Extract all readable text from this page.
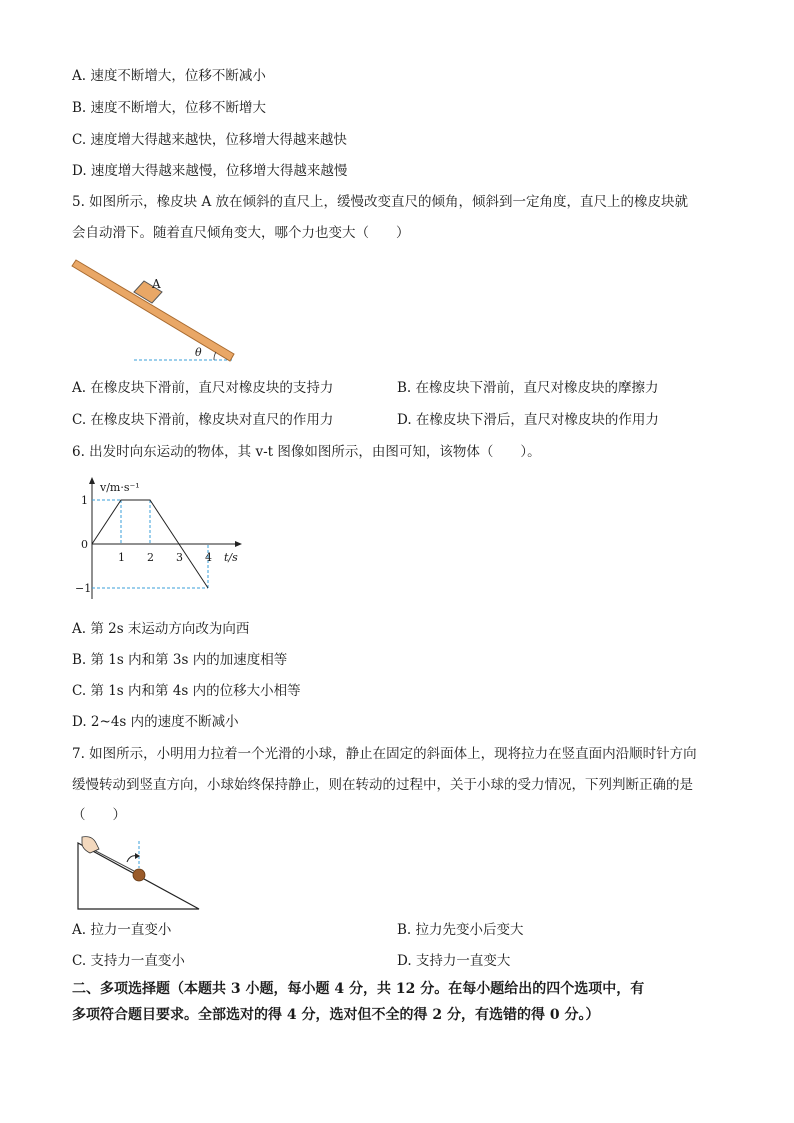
A. 速度不断增大，位移不断减小
B. 速度不断增大，位移不断增大
C. 速度增大得越来越快，位移增大得越来越快
D. 速度增大得越来越慢，位移增大得越来越慢
5. 如图所示，橡皮块 A 放在倾斜的直尺上，缓慢改变直尺的倾角，倾斜到一定角度，直尺上的橡皮块就
会自动滑下。随着直尺倾角变大，哪个力也变大（　　）
A
θ
A. 在橡皮块下滑前，直尺对橡皮块的支持力	B. 在橡皮块下滑前，直尺对橡皮块的摩擦力
C. 在橡皮块下滑前，橡皮块对直尺的作用力	D. 在橡皮块下滑后，直尺对橡皮块的作用力
6. 出发时向东运动的物体，其 v-t 图像如图所示，由图可知，该物体（　　）。
v/m·s⁻¹
t/s
1 2 3 4
1
0
−1
A. 第 2s 末运动方向改为向西
B. 第 1s 内和第 3s 内的加速度相等
C. 第 1s 内和第 4s 内的位移大小相等
D. 2~4s 内的速度不断减小
7. 如图所示，小明用力拉着一个光滑的小球，静止在固定的斜面体上，现将拉力在竖直面内沿顺时针方向
缓慢转动到竖直方向，小球始终保持静止，则在转动的过程中，关于小球的受力情况，下列判断正确的是
（　　）
A. 拉力一直变小	B. 拉力先变小后变大
C. 支持力一直变小	D. 支持力一直变大
二、多项选择题（本题共 3 小题，每小题 4 分，共 12 分。在每小题给出的四个选项中，有
多项符合题目要求。全部选对的得 4 分，选对但不全的得 2 分，有选错的得 0 分。）
